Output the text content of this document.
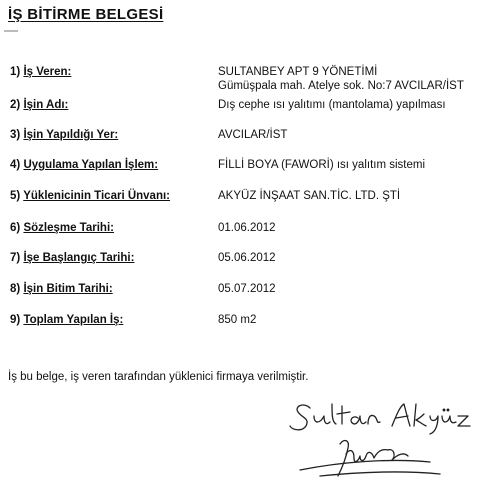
İŞ BİTİRME BELGESİ
1) İş Veren:	SULTANBEY APT 9 YÖNETİMİ
Gümüşpala mah. Atelye sok. No:7 AVCILAR/İST
2) İşin Adı:	Dış cephe ısı yalıtımı (mantolama) yapılması
3) İşin Yapıldığı Yer:	AVCILAR/İST
4) Uygulama Yapılan İşlem:	FİLLİ BOYA (FAWORİ) ısı yalıtım sistemi
5) Yüklenicinin Ticari Ünvanı:	AKYÜZ İNŞAAT SAN.TİC. LTD. ŞTİ
6) Sözleşme Tarihi:	01.06.2012
7) İşe Başlangıç Tarihi:	05.06.2012
8) İşin Bitim Tarihi:	05.07.2012
9) Toplam Yapılan İş:	850 m2
İş bu belge, iş veren tarafından yüklenici firmaya verilmiştir.
